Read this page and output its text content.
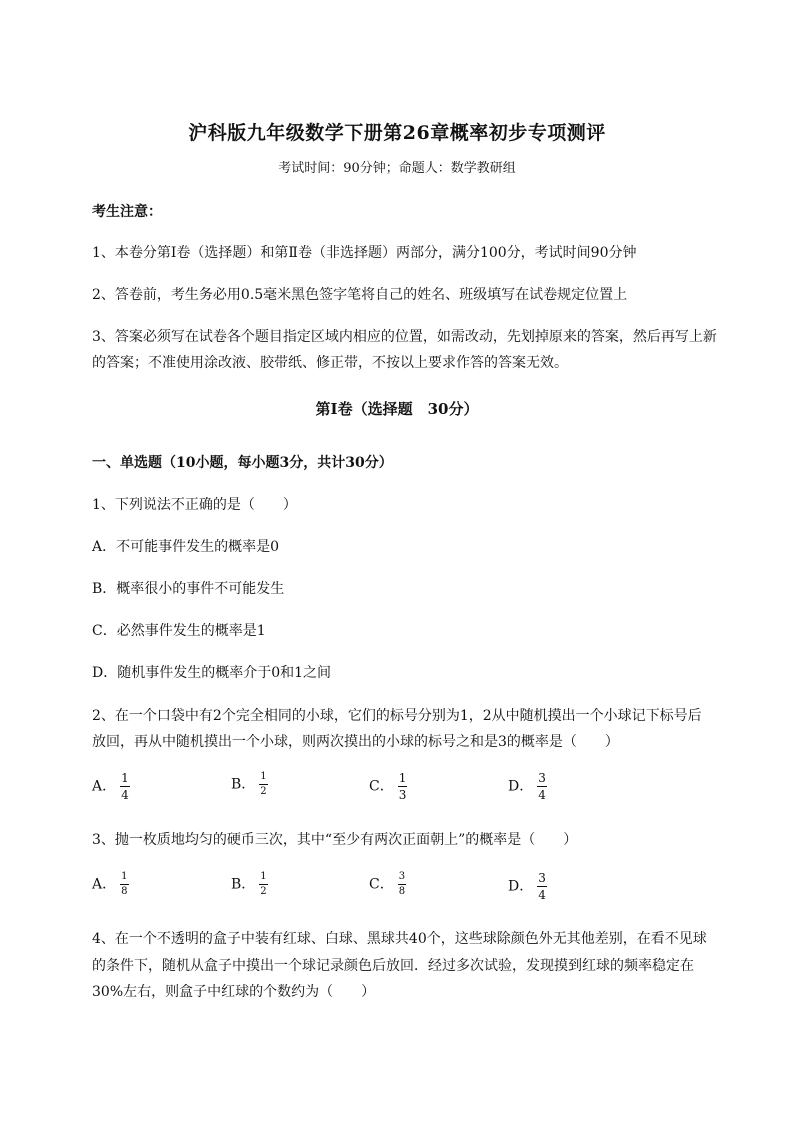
沪科版九年级数学下册第26章概率初步专项测评
考试时间：90分钟；命题人：数学教研组
考生注意：
1、本卷分第I卷（选择题）和第Ⅱ卷（非选择题）两部分，满分100分，考试时间90分钟
2、答卷前，考生务必用0.5毫米黑色签字笔将自己的姓名、班级填写在试卷规定位置上
3、答案必须写在试卷各个题目指定区域内相应的位置，如需改动，先划掉原来的答案，然后再写上新
的答案；不准使用涂改液、胶带纸、修正带，不按以上要求作答的答案无效。
第I卷（选择题　30分）
一、单选题（10小题，每小题3分，共计30分）
1、下列说法不正确的是（　　）
A．不可能事件发生的概率是0
B．概率很小的事件不可能发生
C．必然事件发生的概率是1
D．随机事件发生的概率介于0和1之间
2、在一个口袋中有2个完全相同的小球，它们的标号分别为1，2从中随机摸出一个小球记下标号后
放回，再从中随机摸出一个小球，则两次摸出的小球的标号之和是3的概率是（　　）
A． $\frac{1}{4}$	B． $\frac{1}{2}$	C． $\frac{1}{3}$	D． $\frac{3}{4}$
3、抛一枚质地均匀的硬币三次，其中“至少有两次正面朝上”的概率是（　　）
A． $\frac{1}{8}$	B． $\frac{1}{2}$	C． $\frac{3}{8}$	D． $\frac{3}{4}$
4、在一个不透明的盒子中装有红球、白球、黑球共40个，这些球除颜色外无其他差别，在看不见球
的条件下，随机从盒子中摸出一个球记录颜色后放回．经过多次试验，发现摸到红球的频率稳定在
30%左右，则盒子中红球的个数约为（　　）
